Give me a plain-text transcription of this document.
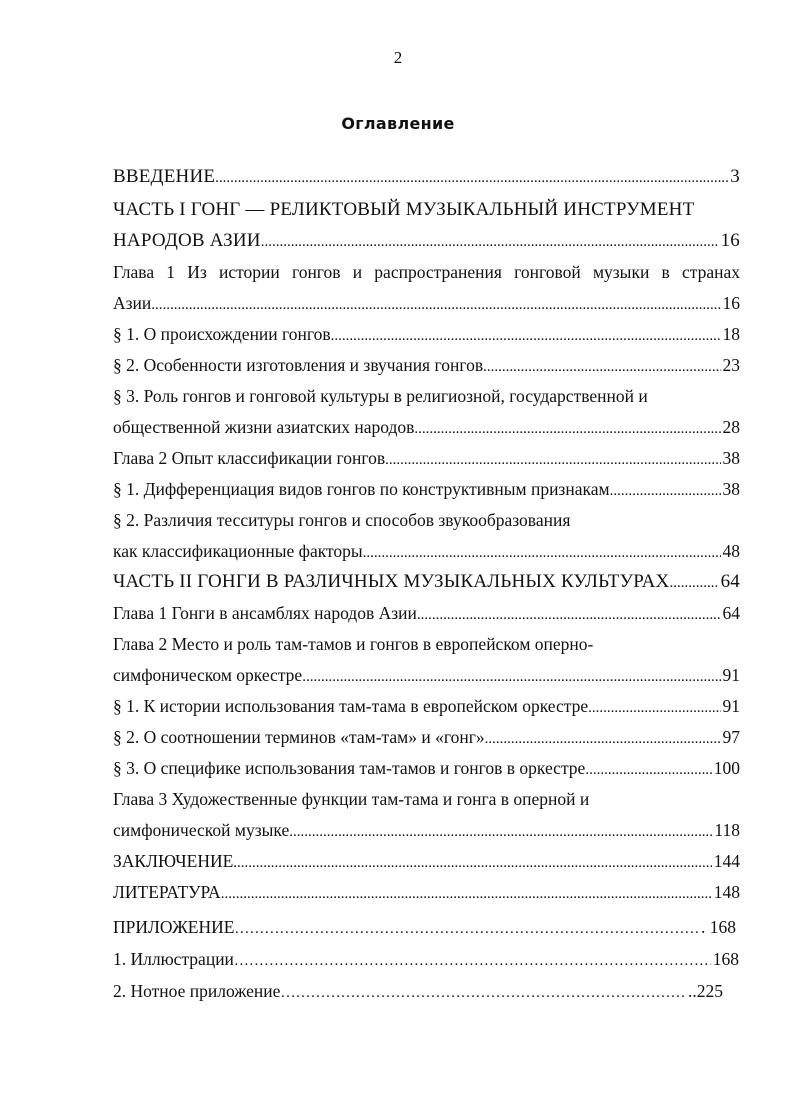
2
Оглавление
ВВЕДЕНИЕ .....	3
ЧАСТЬ I ГОНГ — РЕЛИКТОВЫЙ МУЗЫКАЛЬНЫЙ ИНСТРУМЕНТ
НАРОДОВ АЗИИ .....	16
Глава 1 Из истории гонгов и распространения гонговой музыки в странах
Азии .....	16
§ 1. О происхождении гонгов .....	18
§ 2. Особенности изготовления и звучания гонгов .....	23
§ 3. Роль гонгов и гонговой культуры в религиозной, государственной и
общественной жизни азиатских народов .....	28
Глава 2 Опыт классификации гонгов .....	38
§ 1. Дифференциация видов гонгов по конструктивным признакам .....	38
§ 2. Различия тесситуры гонгов и способов звукообразования
как классификационные факторы .....	48
ЧАСТЬ II ГОНГИ В РАЗЛИЧНЫХ МУЗЫКАЛЬНЫХ КУЛЬТУРАХ .....	64
Глава 1 Гонги в ансамблях народов Азии .....	64
Глава 2 Место и роль там-тамов и гонгов в европейском оперно-
симфоническом оркестре .....	91
§ 1. К истории использования там-тама в европейском оркестре .....	91
§ 2. О соотношении терминов «там-там» и «гонг» .....	97
§ 3. О специфике использования там-тамов и гонгов в оркестре .....	100
Глава 3 Художественные функции там-тама и гонга в оперной и
симфонической музыке .....	118
ЗАКЛЮЧЕНИЕ .....	144
ЛИТЕРАТУРА .....	148
ПРИЛОЖЕНИЕ …………………………………………………………………………………………………………………………………………………………	. 168
1. Иллюстрации …………………………………………………………………………………………………………………………………………………………	168
2. Нотное приложение …………………………………………………………………………………………………………………………………………………………	..225
